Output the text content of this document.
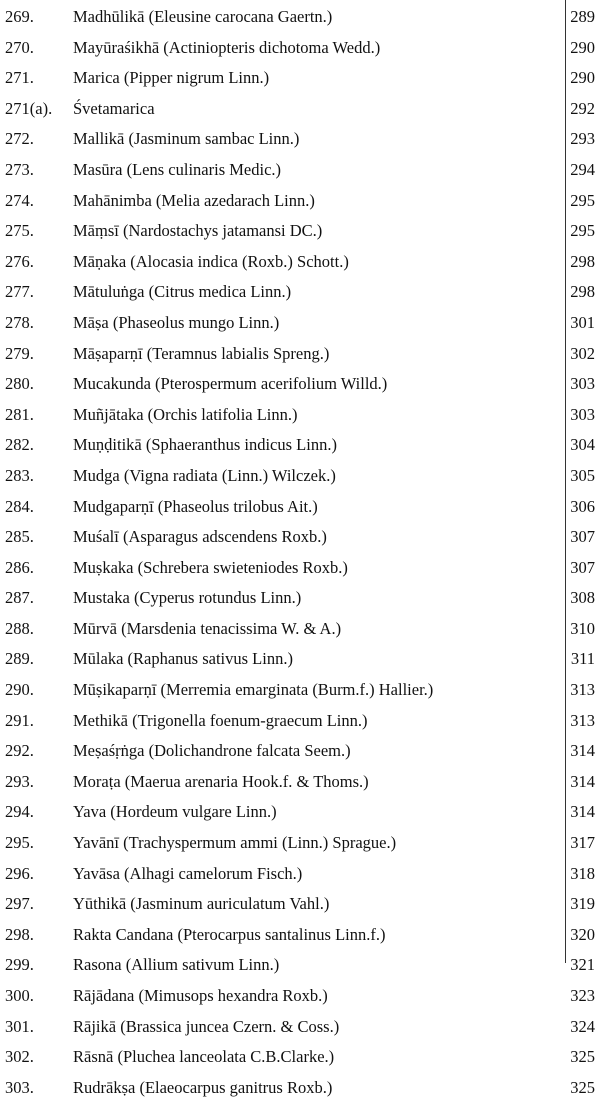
269. Madhūlikā (Eleusine carocana Gaertn.)	289
270. Mayūraśikhā (Actiniopteris dichotoma Wedd.)	290
271. Marica (Pipper nigrum Linn.)	290
271(a). Śvetamarica	292
272. Mallikā (Jasminum sambac Linn.)	293
273. Masūra (Lens culinaris Medic.)	294
274. Mahānimba (Melia azedarach Linn.)	295
275. Māṃsī (Nardostachys jatamansi DC.)	295
276. Māṇaka (Alocasia indica (Roxb.) Schott.)	298
277. Mātuluṅga (Citrus medica Linn.)	298
278. Māṣa (Phaseolus mungo Linn.)	301
279. Māṣaparṇī (Teramnus labialis Spreng.)	302
280. Mucakunda (Pterospermum acerifolium Willd.)	303
281. Muñjātaka (Orchis latifolia Linn.)	303
282. Muṇḍitikā (Sphaeranthus indicus Linn.)	304
283. Mudga (Vigna radiata (Linn.) Wilczek.)	305
284. Mudgaparṇī (Phaseolus trilobus Ait.)	306
285. Muśalī (Asparagus adscendens Roxb.)	307
286. Muṣkaka (Schrebera swieteniodes Roxb.)	307
287. Mustaka (Cyperus rotundus Linn.)	308
288. Mūrvā (Marsdenia tenacissima W. & A.)	310
289. Mūlaka (Raphanus sativus Linn.)	311
290. Mūṣikaparṇī (Merremia emarginata (Burm.f.) Hallier.)	313
291. Methikā (Trigonella foenum-graecum Linn.)	313
292. Meṣaśṛṅga (Dolichandrone falcata Seem.)	314
293. Moraṭa (Maerua arenaria Hook.f. & Thoms.)	314
294. Yava (Hordeum vulgare Linn.)	314
295. Yavānī (Trachyspermum ammi (Linn.) Sprague.)	317
296. Yavāsa (Alhagi camelorum Fisch.)	318
297. Yūthikā (Jasminum auriculatum Vahl.)	319
298. Rakta Candana (Pterocarpus santalinus Linn.f.)	320
299. Rasona (Allium sativum Linn.)	321
300. Rājādana (Mimusops hexandra Roxb.)	323
301. Rājikā (Brassica juncea Czern. & Coss.)	324
302. Rāsnā (Pluchea lanceolata C.B.Clarke.)	325
303. Rudrākṣa (Elaeocarpus ganitrus Roxb.)	325
